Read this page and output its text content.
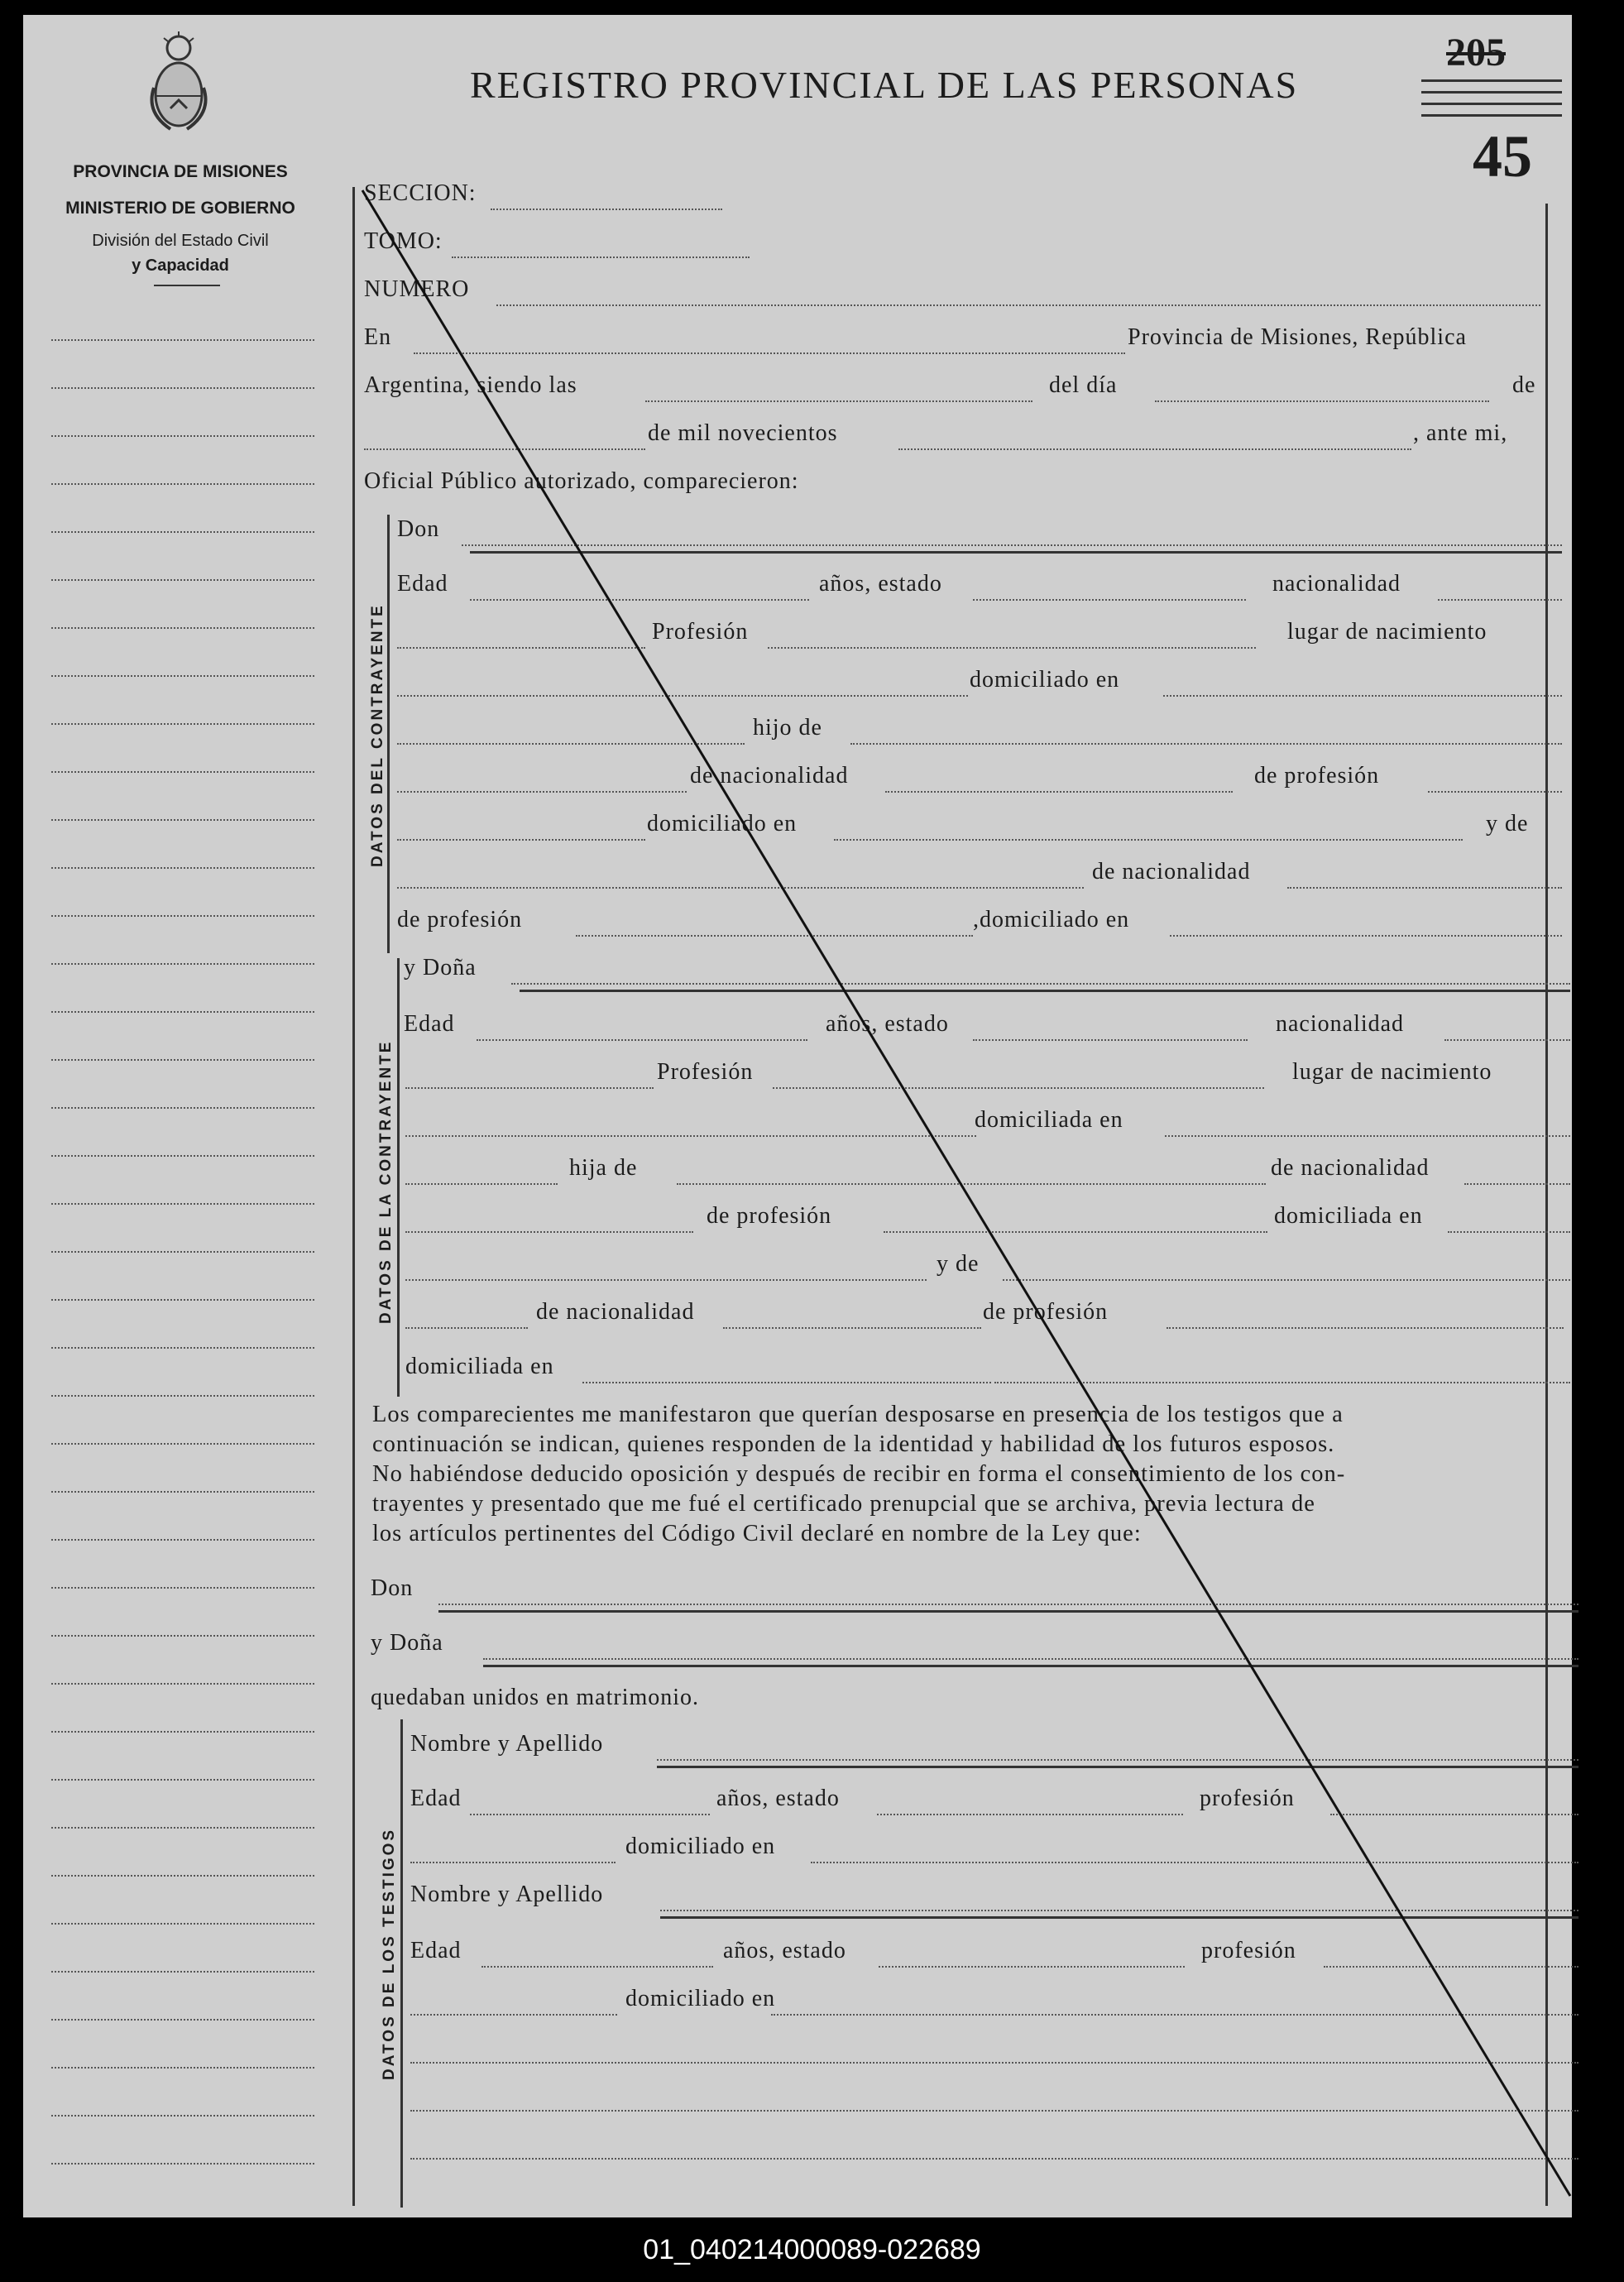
PROVINCIA DE MISIONES
MINISTERIO DE GOBIERNO
División del Estado Civil
y Capacidad
REGISTRO PROVINCIAL DE LAS PERSONAS
205
45
SECCION:
TOMO:
NUMERO
En	Provincia de Misiones, República
Argentina, siendo las	del día	de
de mil novecientos	, ante mi,
Oficial Público autorizado, comparecieron:
DATOS DEL CONTRAYENTE
Don
Edad	años, estado	nacionalidad
Profesión	lugar de nacimiento
domiciliado en
hijo de
de nacionalidad	de profesión
domiciliado en	y de
de nacionalidad
de profesión	,domiciliado en
DATOS DE LA CONTRAYENTE
y Doña
Edad	años, estado	nacionalidad
Profesión	lugar de nacimiento
domiciliada en
hija de	de nacionalidad
de profesión	domiciliada en
y de
de nacionalidad	de profesión
domiciliada en
Los comparecientes me manifestaron que querían desposarse en presencia de los testigos que a
continuación se indican, quienes responden de la identidad y habilidad de los futuros esposos.
No habiéndose deducido oposición y después de recibir en forma el consentimiento de los con-
trayentes y presentado que me fué el certificado prenupcial que se archiva, previa lectura de
los artículos pertinentes del Código Civil declaré en nombre de la Ley que:
Don
y Doña
quedaban unidos en matrimonio.
DATOS DE LOS TESTIGOS
Nombre y Apellido
Edad	años, estado	profesión
domiciliado en
Nombre y Apellido
Edad	años, estado	profesión
domiciliado en
01_040214000089-022689
